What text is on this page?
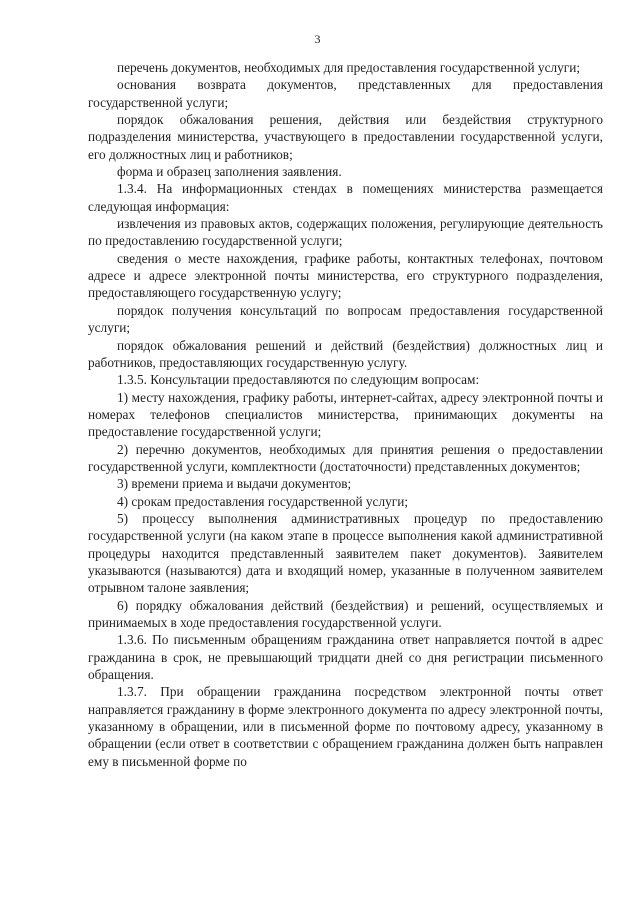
3

перечень документов, необходимых для предоставления государственной услуги;

основания возврата документов, представленных для предоставления государственной услуги;

порядок обжалования решения, действия или бездействия структурного подразделения министерства, участвующего в предоставлении государственной услуги, его должностных лиц и работников;

форма и образец заполнения заявления.

1.3.4. На информационных стендах в помещениях министерства размещается следующая информация:

извлечения из правовых актов, содержащих положения, регулирующие деятельность по предоставлению государственной услуги;

сведения о месте нахождения, графике работы, контактных телефонах, почтовом адресе и адресе электронной почты министерства, его структурного подразделения, предоставляющего государственную услугу;

порядок получения консультаций по вопросам предоставления государственной услуги;

порядок обжалования решений и действий (бездействия) должностных лиц и работников, предоставляющих государственную услугу.

1.3.5. Консультации предоставляются по следующим вопросам:

1) месту нахождения, графику работы, интернет-сайтах, адресу электронной почты и номерах телефонов специалистов министерства, принимающих документы на предоставление государственной услуги;

2) перечню документов, необходимых для принятия решения о предоставлении государственной услуги, комплектности (достаточности) представленных документов;

3) времени приема и выдачи документов;

4) срокам предоставления государственной услуги;

5) процессу выполнения административных процедур по предоставлению государственной услуги (на каком этапе в процессе выполнения какой административной процедуры находится представленный заявителем пакет документов). Заявителем указываются (называются) дата и входящий номер, указанные в полученном заявителем отрывном талоне заявления;

6) порядку обжалования действий (бездействия) и решений, осуществляемых и принимаемых в ходе предоставления государственной услуги.

1.3.6. По письменным обращениям гражданина ответ направляется почтой в адрес гражданина в срок, не превышающий тридцати дней со дня регистрации письменного обращения.

1.3.7. При обращении гражданина посредством электронной почты ответ направляется гражданину в форме электронного документа по адресу электронной почты, указанному в обращении, или в письменной форме по почтовому адресу, указанному в обращении (если ответ в соответствии с обращением гражданина должен быть направлен ему в письменной форме по
